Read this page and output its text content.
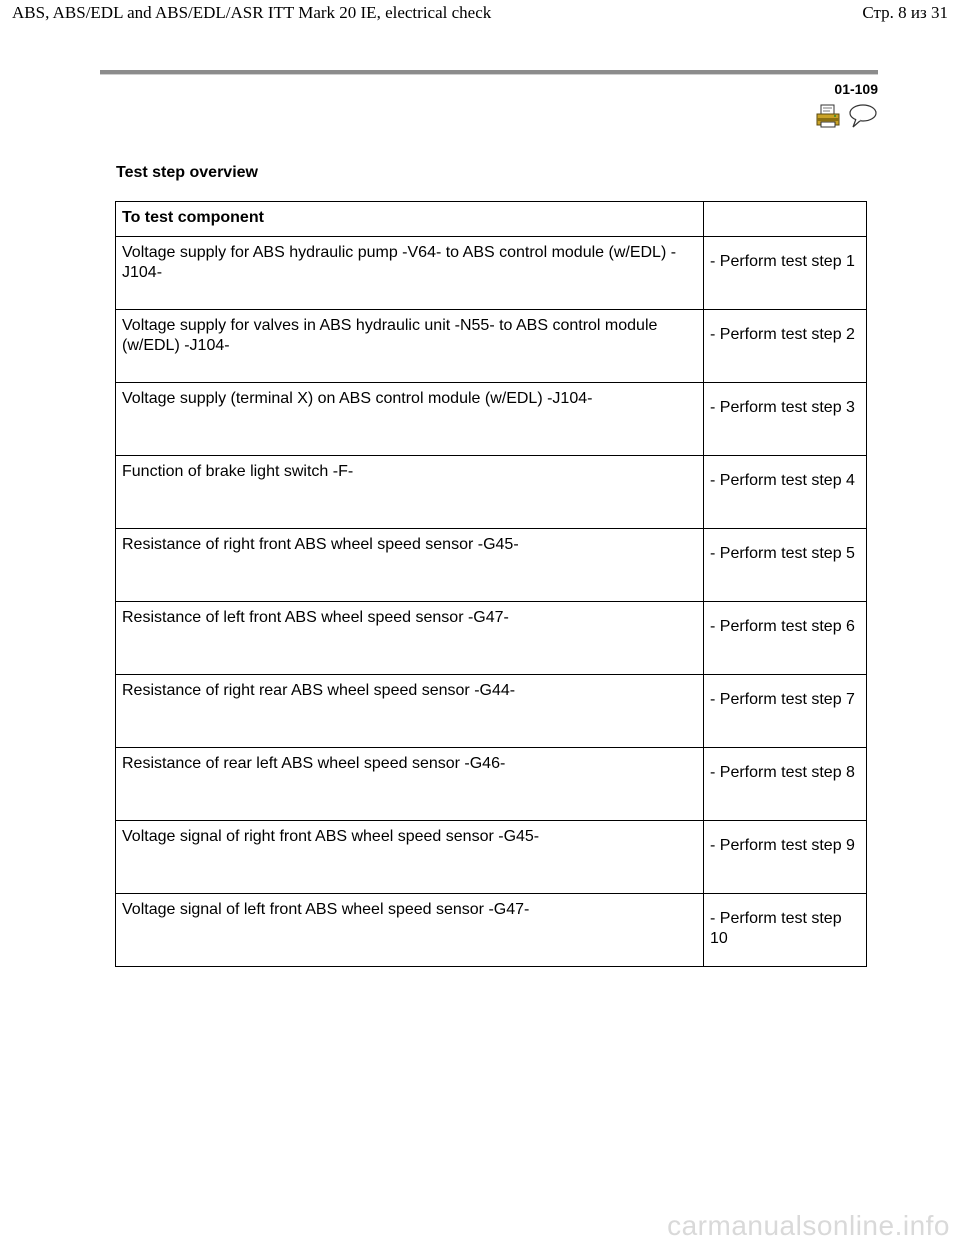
ABS, ABS/EDL and ABS/EDL/ASR ITT Mark 20 IE, electrical check	Стр. 8 из 31
01-109
Test step overview
To test component	
Voltage supply for ABS hydraulic pump -V64- to ABS control module (w/EDL) -J104-	- Perform test step 1
Voltage supply for valves in ABS hydraulic unit -N55- to ABS control module (w/EDL) -J104-	- Perform test step 2
Voltage supply (terminal X) on ABS control module (w/EDL) -J104-	- Perform test step 3
Function of brake light switch -F-	- Perform test step 4
Resistance of right front ABS wheel speed sensor -G45-	- Perform test step 5
Resistance of left front ABS wheel speed sensor -G47-	- Perform test step 6
Resistance of right rear ABS wheel speed sensor -G44-	- Perform test step 7
Resistance of rear left ABS wheel speed sensor -G46-	- Perform test step 8
Voltage signal of right front ABS wheel speed sensor -G45-	- Perform test step 9
Voltage signal of left front ABS wheel speed sensor -G47-	- Perform test step 10
carmanualsonline.info
